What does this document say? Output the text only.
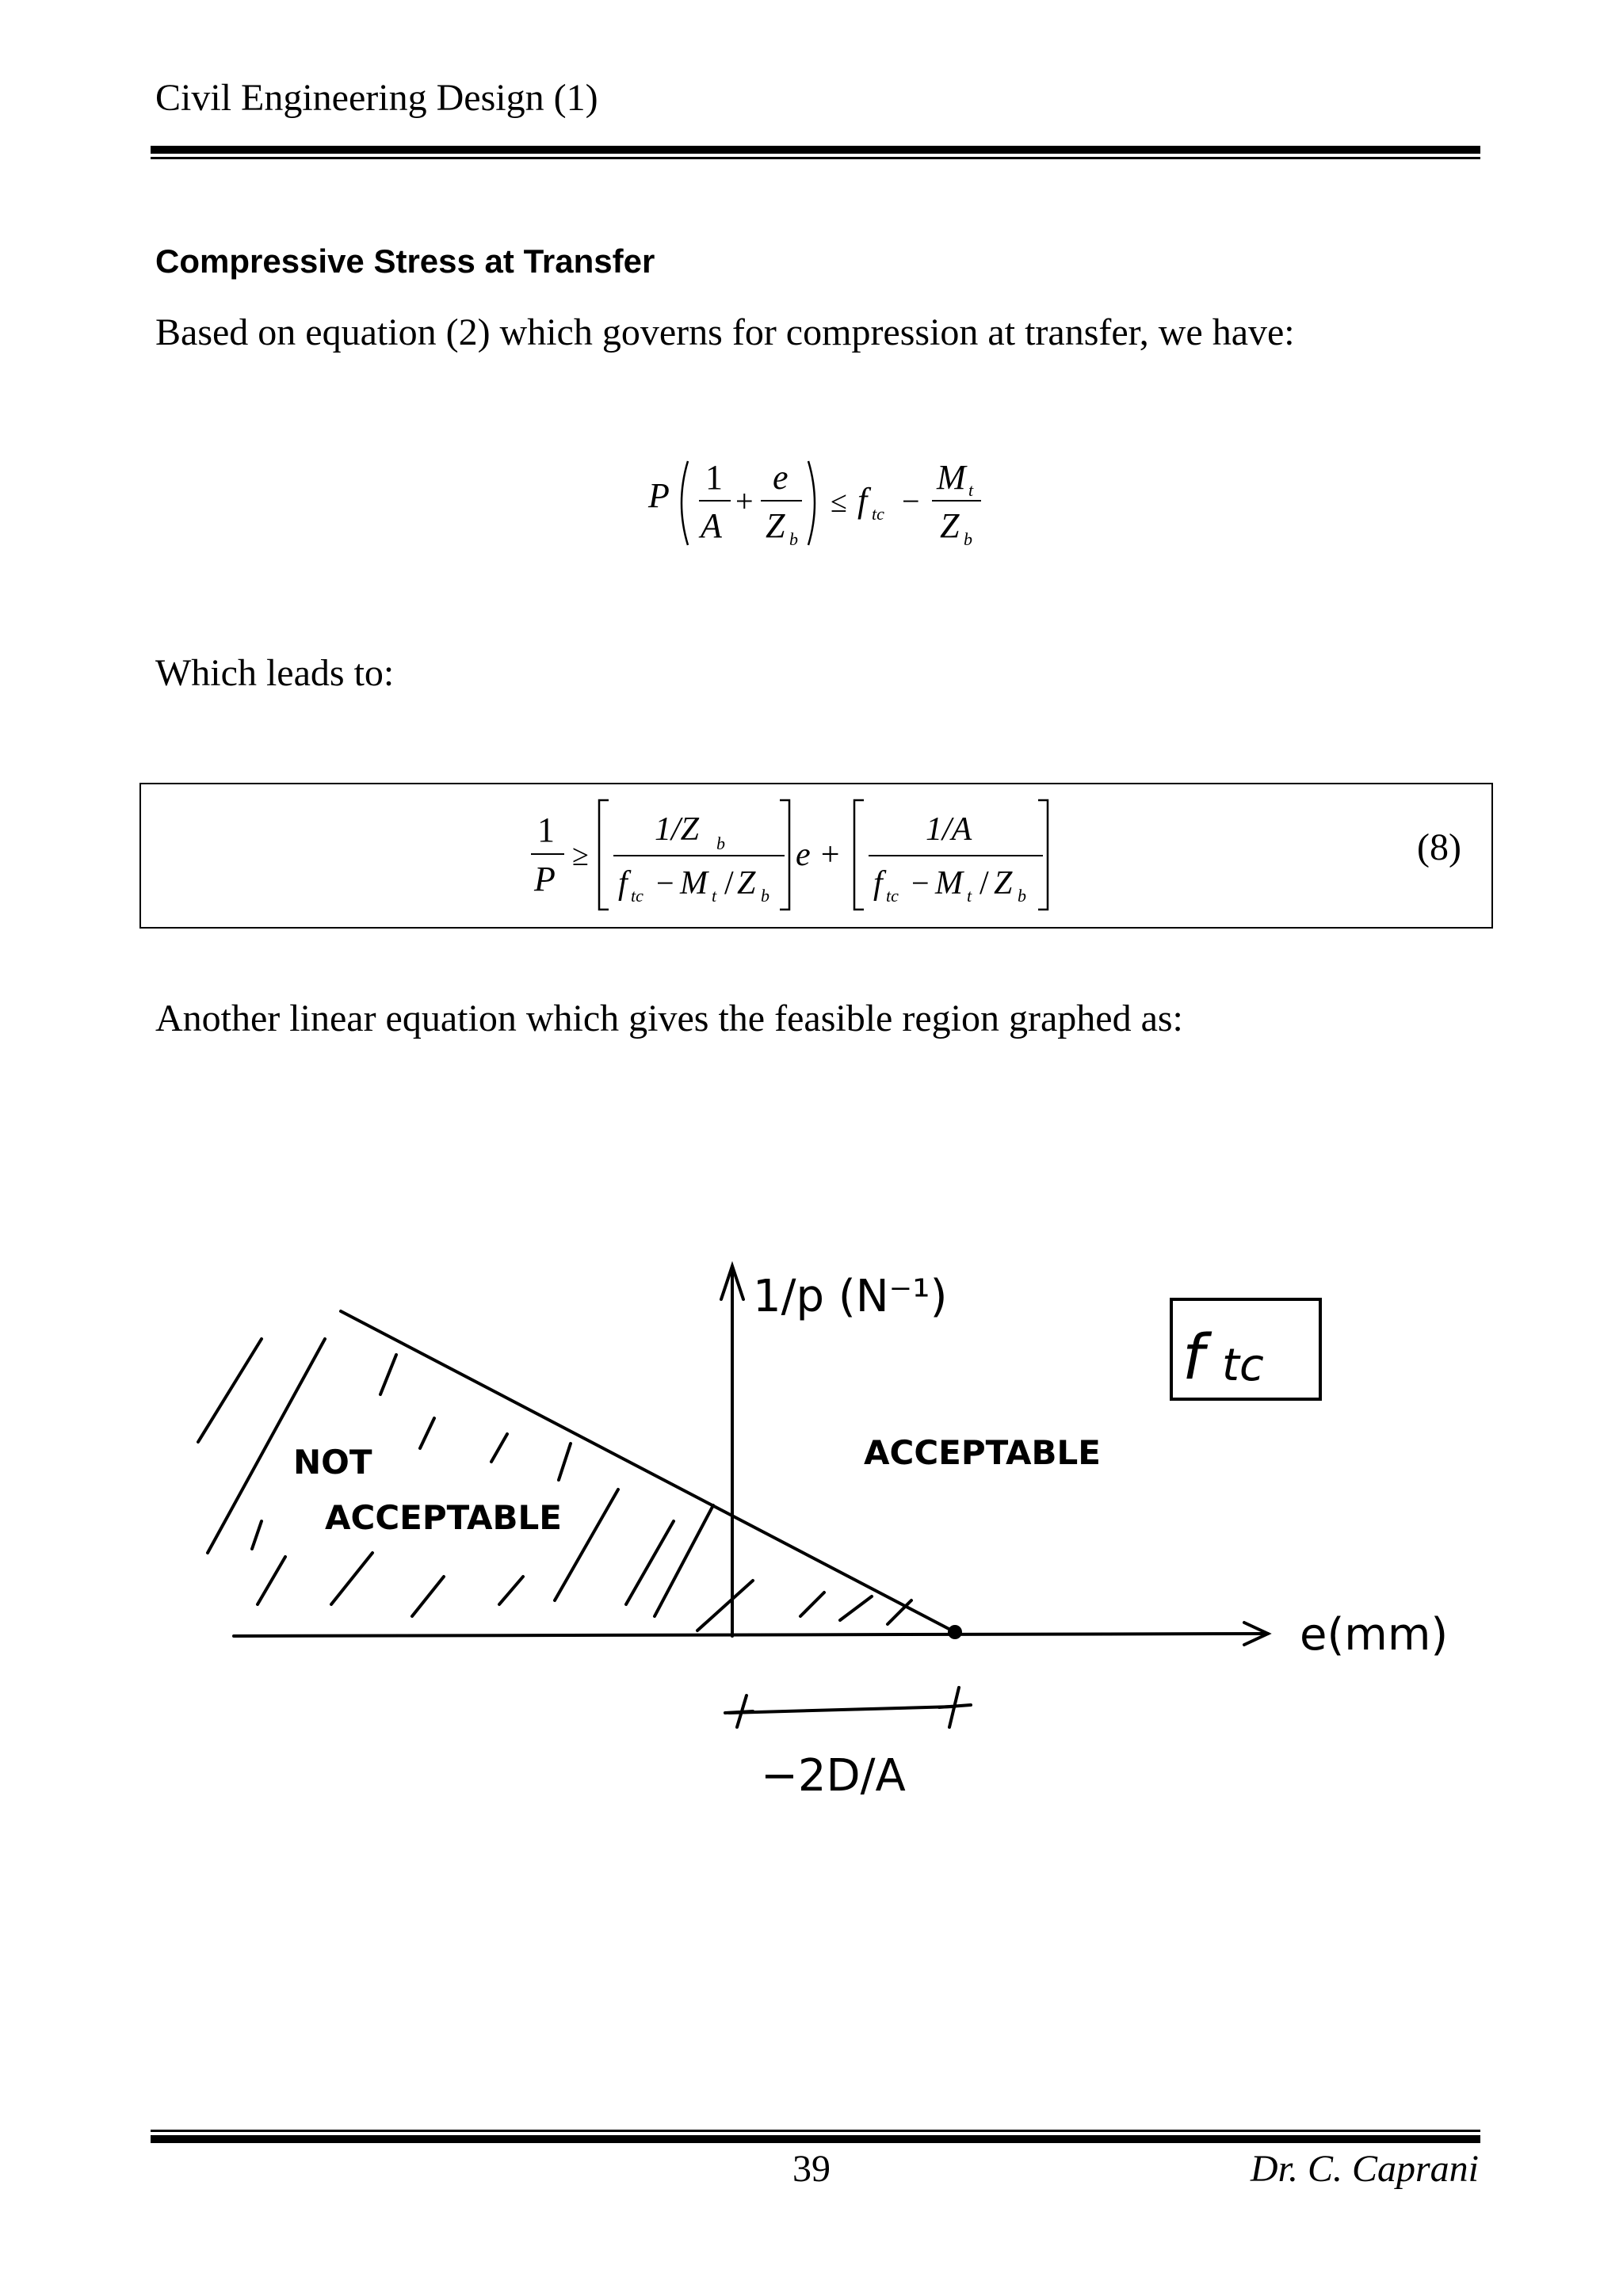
Civil Engineering Design (1)
Compressive Stress at Transfer
Based on equation (2) which governs for compression at transfer, we have:
P 1
A
+
e
Z b
≤ f tc −
M t
Z b
Which leads to:
1
P
≥
1/Z b
f tc − M t / Z b
e +
1/A
f tc − M t / Z b
(8)
Another linear equation which gives the feasible region graphed as:
1/p (N⁻¹)
e(mm)
NOT
ACCEPTABLE
ACCEPTABLE
f tc
−2D/A
39	Dr. C. Caprani
